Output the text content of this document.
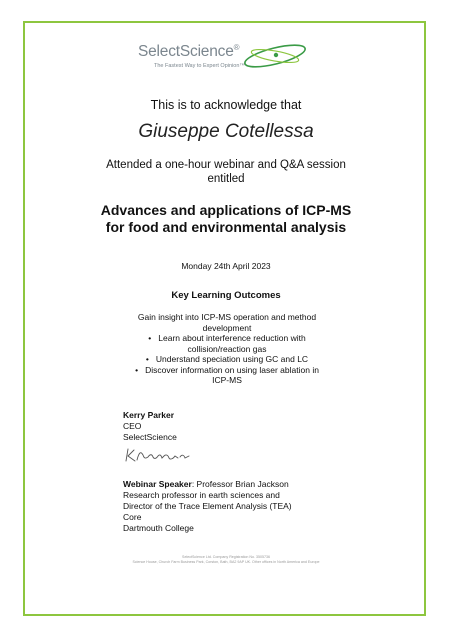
SelectScience®
The Fastest Way to Expert Opinion™
This is to acknowledge that
Giuseppe Cotellessa
Attended a one-hour webinar and Q&A session
entitled
Advances and applications of ICP-MS
for food and environmental analysis
Monday 24th April 2023
Key Learning Outcomes
Gain insight into ICP-MS operation and method
development
• Learn about interference reduction with
collision/reaction gas
• Understand speciation using GC and LC
• Discover information on using laser ablation in
ICP-MS
Kerry Parker
CEO
SelectScience
Webinar Speaker: Professor Brian Jackson
Research professor in earth sciences and
Director of the Trace Element Analysis (TEA)
Core
Dartmouth College
SelectScience Ltd. Company Registration No. 3505736
Science House, Church Farm Business Park, Corston, Bath, BA2 9AP UK. Other offices in North America and Europe
